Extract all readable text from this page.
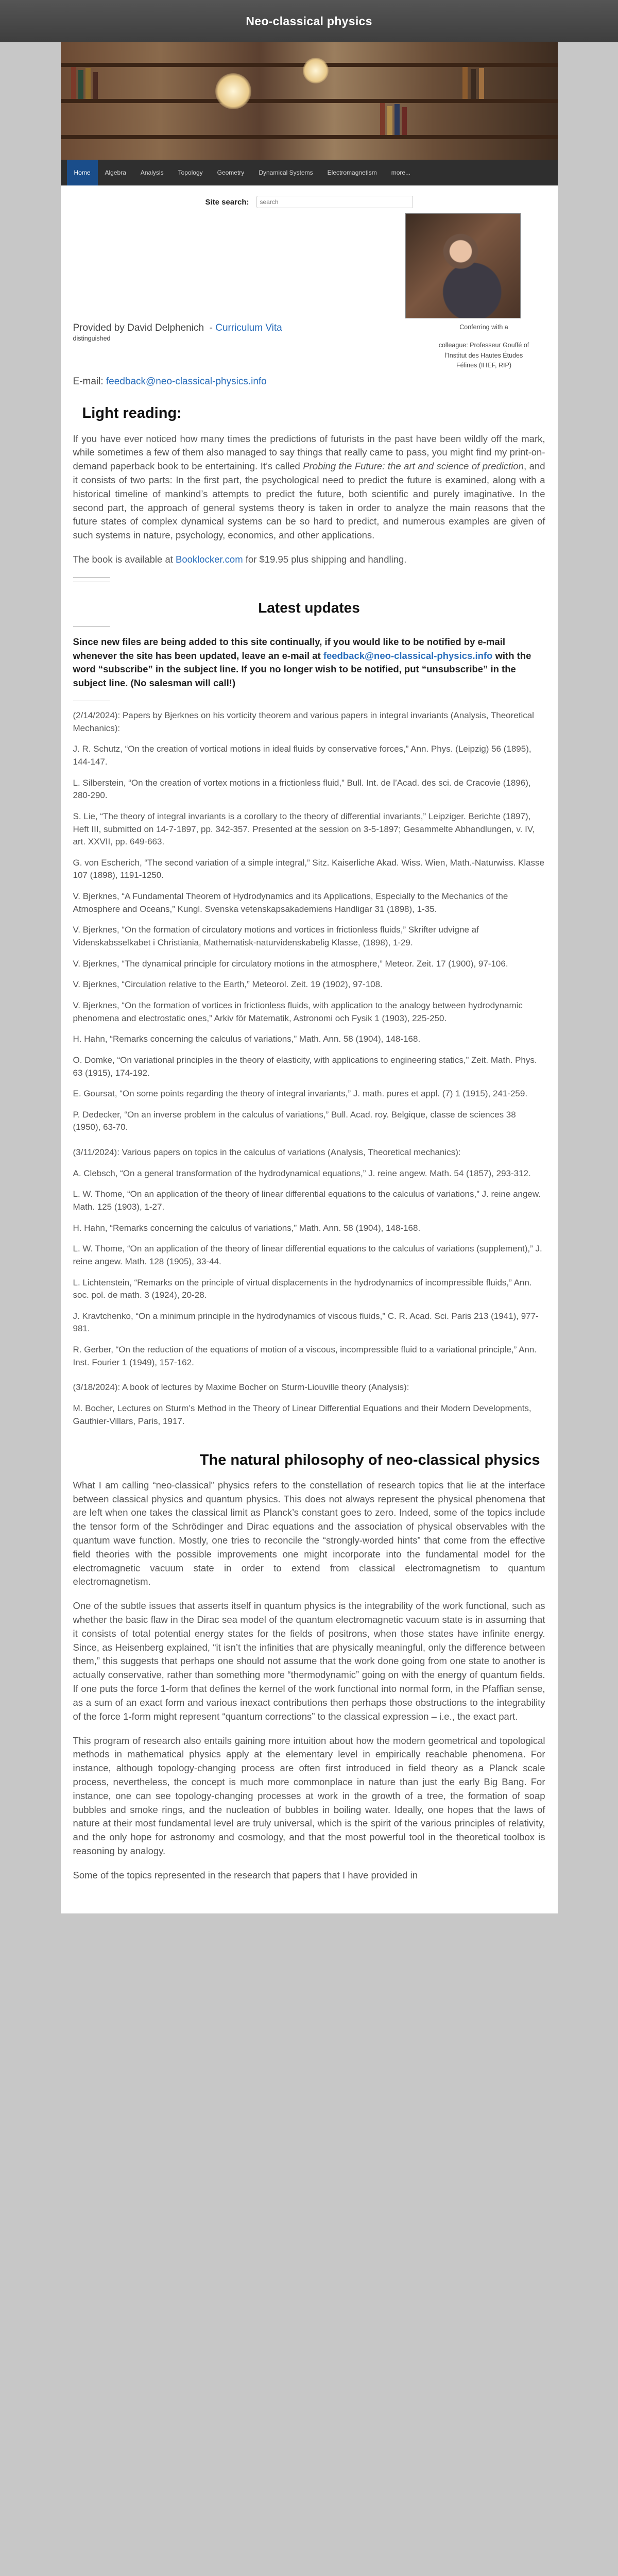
Neo-classical physics
Home	Algebra	Analysis	Topology	Geometry	Dynamical Systems	Electromagnetism	more...
Site search:
search
Provided by David Delphenich  - Curriculum Vita
distinguished
Conferring with a
colleague: Professeur Gouffé of
l’Institut des Hautes Études
Félines (IHEF, RIP)
E-mail: feedback@neo-classical-physics.info
Light reading:

If you have ever noticed how many times the predictions of futurists in the past have been wildly off the mark, while sometimes a few of them also managed to say things that really came to pass, you might find my print-on-demand paperback book to be entertaining. It’s called Probing the Future: the art and science of prediction, and it consists of two parts: In the first part, the psychological need to predict the future is examined, along with a historical timeline of mankind’s attempts to predict the future, both scientific and purely imaginative. In the second part, the approach of general systems theory is taken in order to analyze the main reasons that the future states of complex dynamical systems can be so hard to predict, and numerous examples are given of such systems in nature, psychology, economics, and other applications.

The book is available at Booklocker.com for $19.95 plus shipping and handling.

Latest updates

Since new files are being added to this site continually, if you would like to be notified by e-mail whenever the site has been updated, leave an e-mail at feedback@neo-classical-physics.info with the word “subscribe” in the subject line. If you no longer wish to be notified, put “unsubscribe” in the subject line. (No salesman will call!)

(2/14/2024): Papers by Bjerknes on his vorticity theorem and various papers in integral invariants (Analysis, Theoretical Mechanics):

J. R. Schutz, “On the creation of vortical motions in ideal fluids by conservative forces,” Ann. Phys. (Leipzig) 56 (1895), 144-147.

L. Silberstein, “On the creation of vortex motions in a frictionless fluid,” Bull. Int. de l’Acad. des sci. de Cracovie (1896), 280-290.

S. Lie, “The theory of integral invariants is a corollary to the theory of differential invariants,” Leipziger. Berichte (1897), Heft III, submitted on 14-7-1897, pp. 342-357. Presented at the session on 3-5-1897; Gesammelte Abhandlungen, v. IV, art. XXVII, pp. 649-663.

G. von Escherich, “The second variation of a simple integral,” Sitz. Kaiserliche Akad. Wiss. Wien, Math.-Naturwiss. Klasse 107 (1898), 1191-1250.

V. Bjerknes, “A Fundamental Theorem of Hydrodynamics and its Applications, Especially to the Mechanics of the Atmosphere and Oceans,” Kungl. Svenska vetenskapsakademiens Handligar 31 (1898), 1-35.

V. Bjerknes, “On the formation of circulatory motions and vortices in frictionless fluids,” Skrifter udvigne af Videnskabsselkabet i Christiania, Mathematisk-naturvidenskabelig Klasse, (1898), 1-29.

V. Bjerknes, “The dynamical principle for circulatory motions in the atmosphere,” Meteor. Zeit. 17 (1900), 97-106.

V. Bjerknes, “Circulation relative to the Earth,” Meteorol. Zeit. 19 (1902), 97-108.

V. Bjerknes, “On the formation of vortices in frictionless fluids, with application to the analogy between hydrodynamic phenomena and electrostatic ones,” Arkiv för Matematik, Astronomi och Fysik 1 (1903), 225-250.

H. Hahn, “Remarks concerning the calculus of variations,” Math. Ann. 58 (1904), 148-168.

O. Domke, “On variational principles in the theory of elasticity, with applications to engineering statics,” Zeit. Math. Phys. 63 (1915), 174-192.

E. Goursat, “On some points regarding the theory of integral invariants,” J. math. pures et appl. (7) 1 (1915), 241-259.

P. Dedecker, “On an inverse problem in the calculus of variations,” Bull. Acad. roy. Belgique, classe de sciences 38 (1950), 63-70.

(3/11/2024): Various papers on topics in the calculus of variations (Analysis, Theoretical mechanics):

A. Clebsch, “On a general transformation of the hydrodynamical equations,” J. reine angew. Math. 54 (1857), 293-312.

L. W. Thome, “On an application of the theory of linear differential equations to the calculus of variations,” J. reine angew. Math. 125 (1903), 1-27.

H. Hahn, “Remarks concerning the calculus of variations,” Math. Ann. 58 (1904), 148-168.

L. W. Thome, “On an application of the theory of linear differential equations to the calculus of variations (supplement),” J. reine angew. Math. 128 (1905), 33-44.

L. Lichtenstein, “Remarks on the principle of virtual displacements in the hydrodynamics of incompressible fluids,” Ann. soc. pol. de math. 3 (1924), 20-28.

J. Kravtchenko, “On a minimum principle in the hydrodynamics of viscous fluids,” C. R. Acad. Sci. Paris 213 (1941), 977-981.

R. Gerber, “On the reduction of the equations of motion of a viscous, incompressible fluid to a variational principle,” Ann. Inst. Fourier 1 (1949), 157-162.

(3/18/2024): A book of lectures by Maxime Bocher on Sturm-Liouville theory (Analysis):

M. Bocher, Lectures on Sturm’s Method in the Theory of Linear Differential Equations and their Modern Developments, Gauthier-Villars, Paris, 1917.

The natural philosophy of neo-classical physics

What I am calling “neo-classical” physics refers to the constellation of research topics that lie at the interface between classical physics and quantum physics. This does not always represent the physical phenomena that are left when one takes the classical limit as Planck’s constant goes to zero. Indeed, some of the topics include the tensor form of the Schrödinger and Dirac equations and the association of physical observables with the quantum wave function. Mostly, one tries to reconcile the “strongly-worded hints” that come from the effective field theories with the possible improvements one might incorporate into the fundamental model for the electromagnetic vacuum state in order to extend from classical electromagnetism to quantum electromagnetism.

One of the subtle issues that asserts itself in quantum physics is the integrability of the work functional, such as whether the basic flaw in the Dirac sea model of the quantum electromagnetic vacuum state is in assuming that it consists of total potential energy states for the fields of positrons, when those states have infinite energy. Since, as Heisenberg explained, “it isn’t the infinities that are physically meaningful, only the difference between them,” this suggests that perhaps one should not assume that the work done going from one state to another is actually conservative, rather than something more “thermodynamic” going on with the energy of quantum fields. If one puts the force 1-form that defines the kernel of the work functional into normal form, in the Pfaffian sense, as a sum of an exact form and various inexact contributions then perhaps those obstructions to the integrability of the force 1-form might represent “quantum corrections” to the classical expression – i.e., the exact part.

This program of research also entails gaining more intuition about how the modern geometrical and topological methods in mathematical physics apply at the elementary level in empirically reachable phenomena. For instance, although topology-changing process are often first introduced in field theory as a Planck scale process, nevertheless, the concept is much more commonplace in nature than just the early Big Bang. For instance, one can see topology-changing processes at work in the growth of a tree, the formation of soap bubbles and smoke rings, and the nucleation of bubbles in boiling water. Ideally, one hopes that the laws of nature at their most fundamental level are truly universal, which is the spirit of the various principles of relativity, and the only hope for astronomy and cosmology, and that the most powerful tool in the theoretical toolbox is reasoning by analogy.

Some of the topics represented in the research that papers that I have provided in
